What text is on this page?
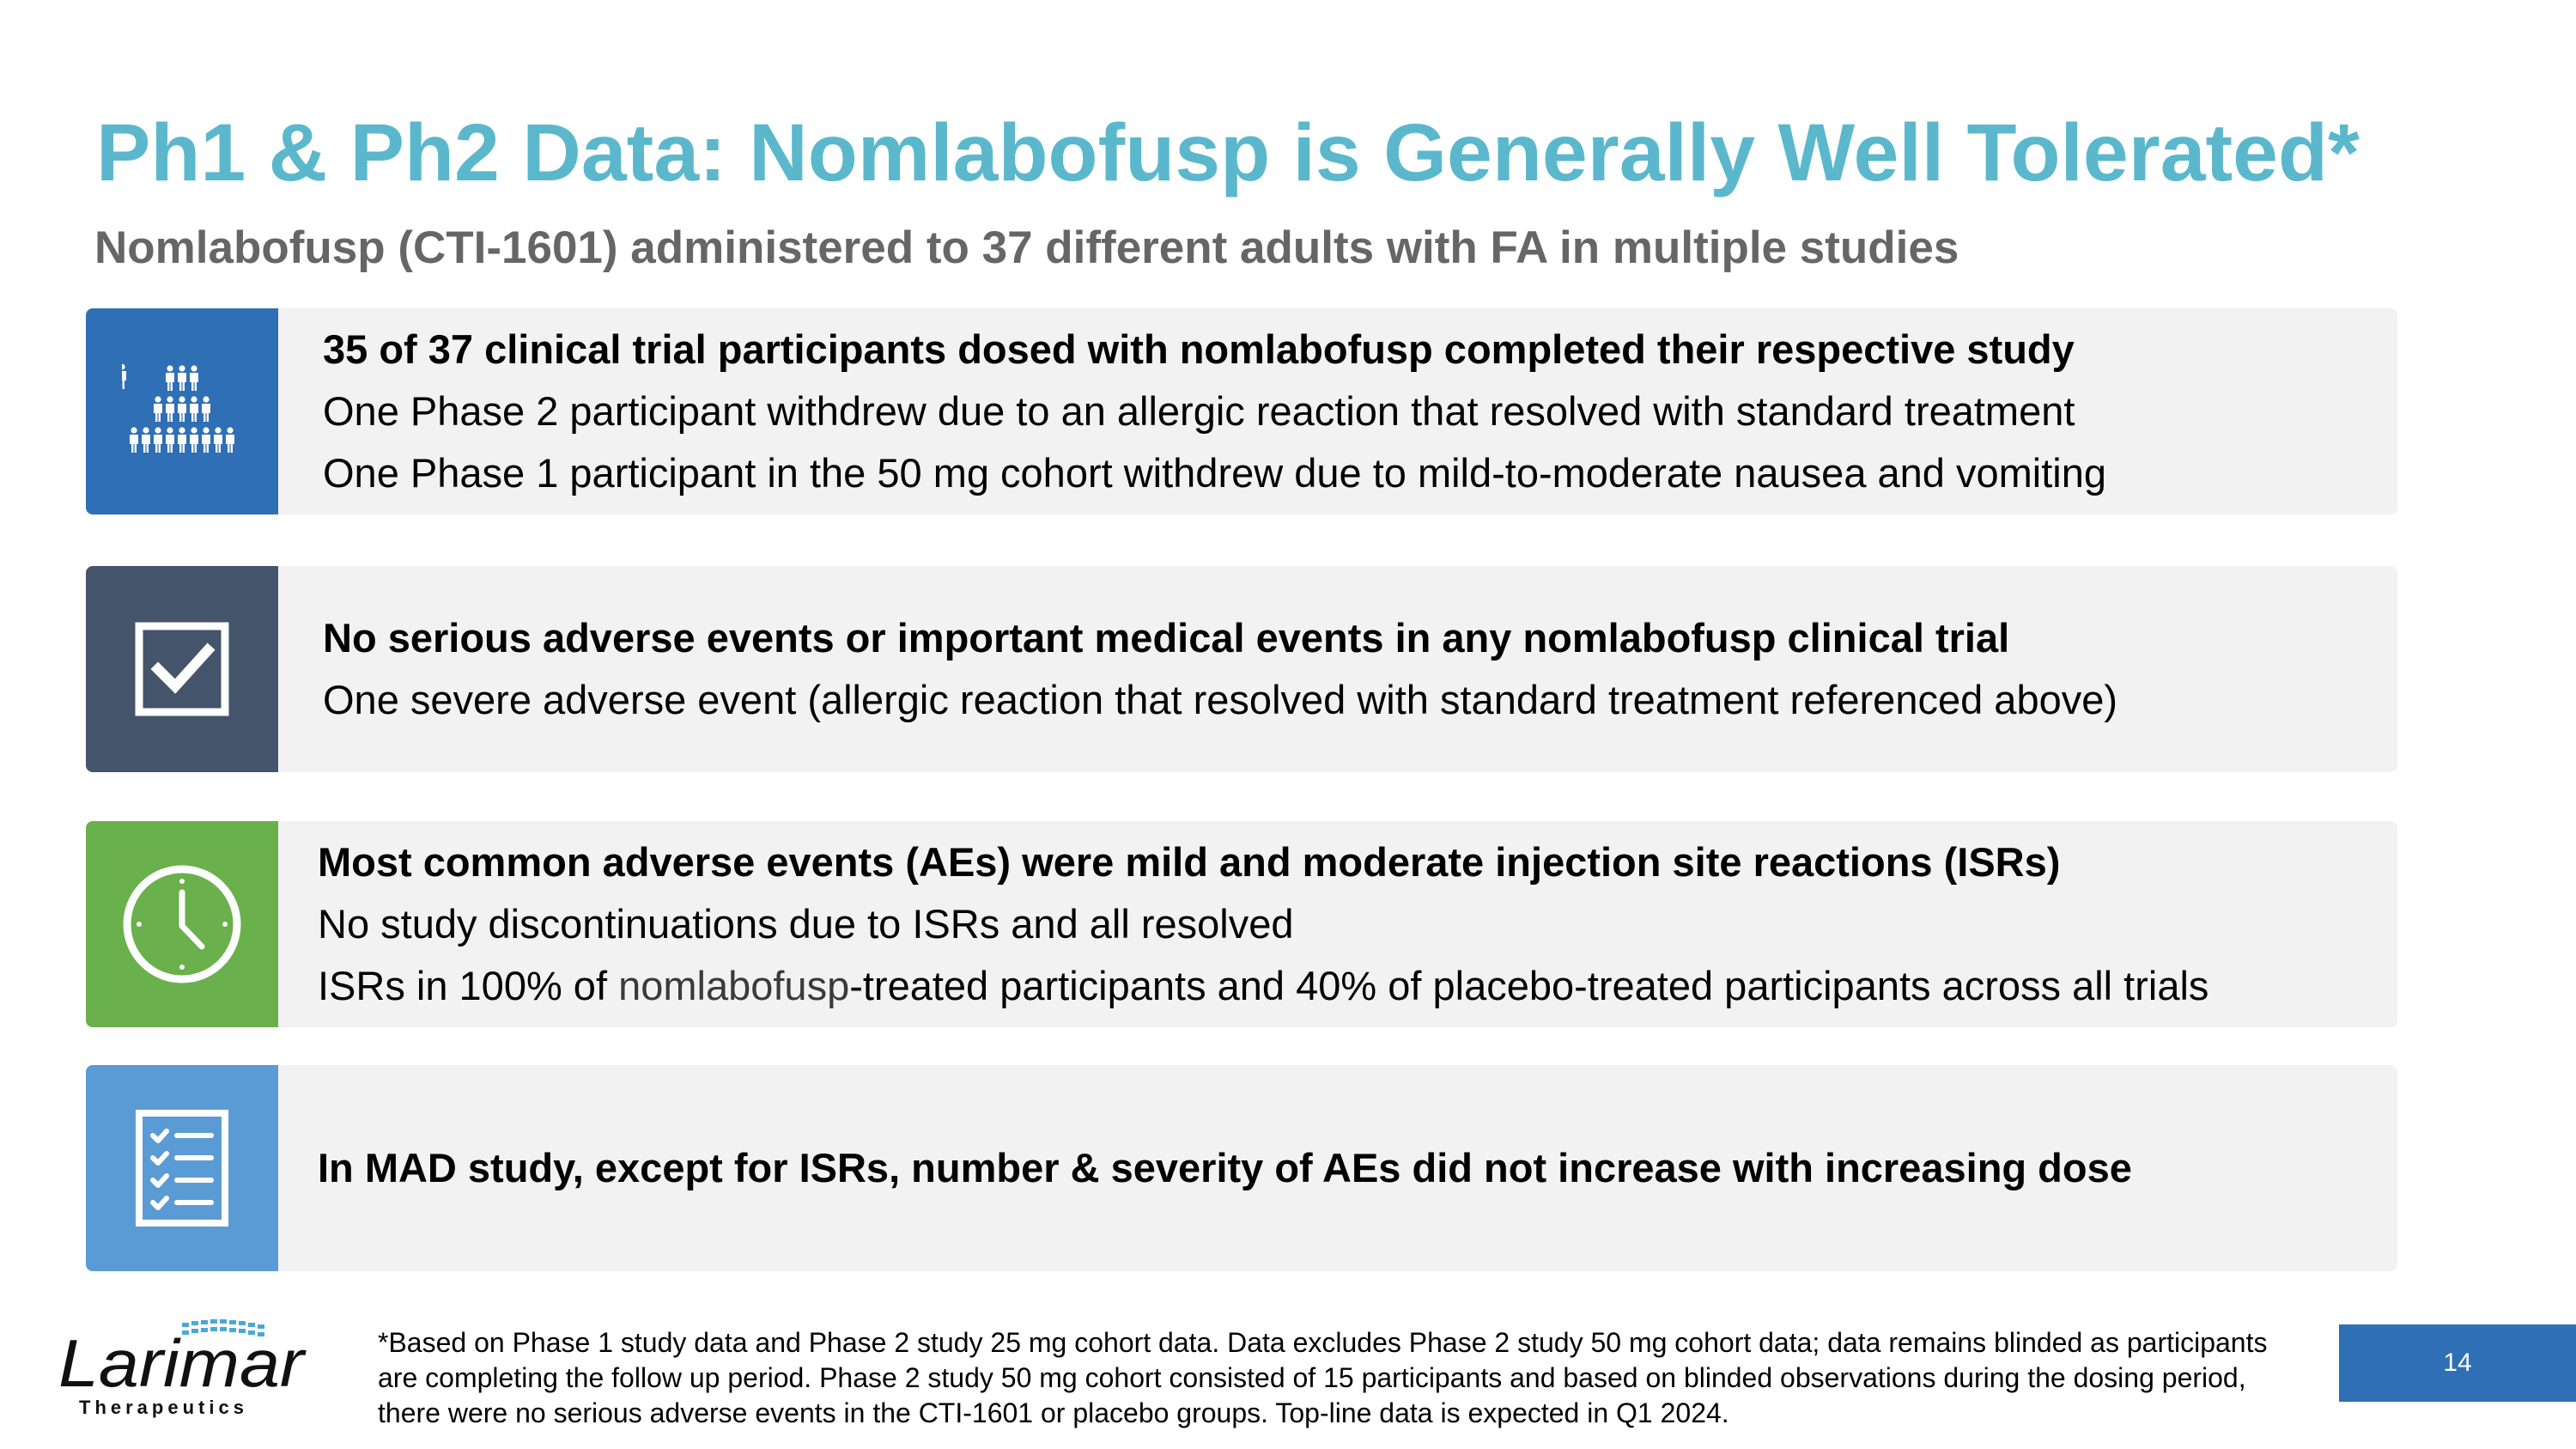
Ph1 & Ph2 Data: Nomlabofusp is Generally Well Tolerated*
Nomlabofusp (CTI-1601) administered to 37 different adults with FA in multiple studies
35 of 37 clinical trial participants dosed with nomlabofusp completed their respective study
One Phase 2 participant withdrew due to an allergic reaction that resolved with standard treatment
One Phase 1 participant in the 50 mg cohort withdrew due to mild-to-moderate nausea and vomiting
No serious adverse events or important medical events in any nomlabofusp clinical trial
One severe adverse event (allergic reaction that resolved with standard treatment referenced above)
Most common adverse events (AEs) were mild and moderate injection site reactions (ISRs)
No study discontinuations due to ISRs and all resolved
ISRs in 100% of nomlabofusp-treated participants and 40% of placebo-treated participants across all trials
In MAD study, except for ISRs, number & severity of AEs did not increase with increasing dose
Larimar
Therapeutics

*Based on Phase 1 study data and Phase 2 study 25 mg cohort data. Data excludes Phase 2 study 50 mg cohort data; data remains blinded as participants are completing the follow up period. Phase 2 study 50 mg cohort consisted of 15 participants and based on blinded observations during the dosing period, there were no serious adverse events in the CTI-1601 or placebo groups. Top-line data is expected in Q1 2024.

14
